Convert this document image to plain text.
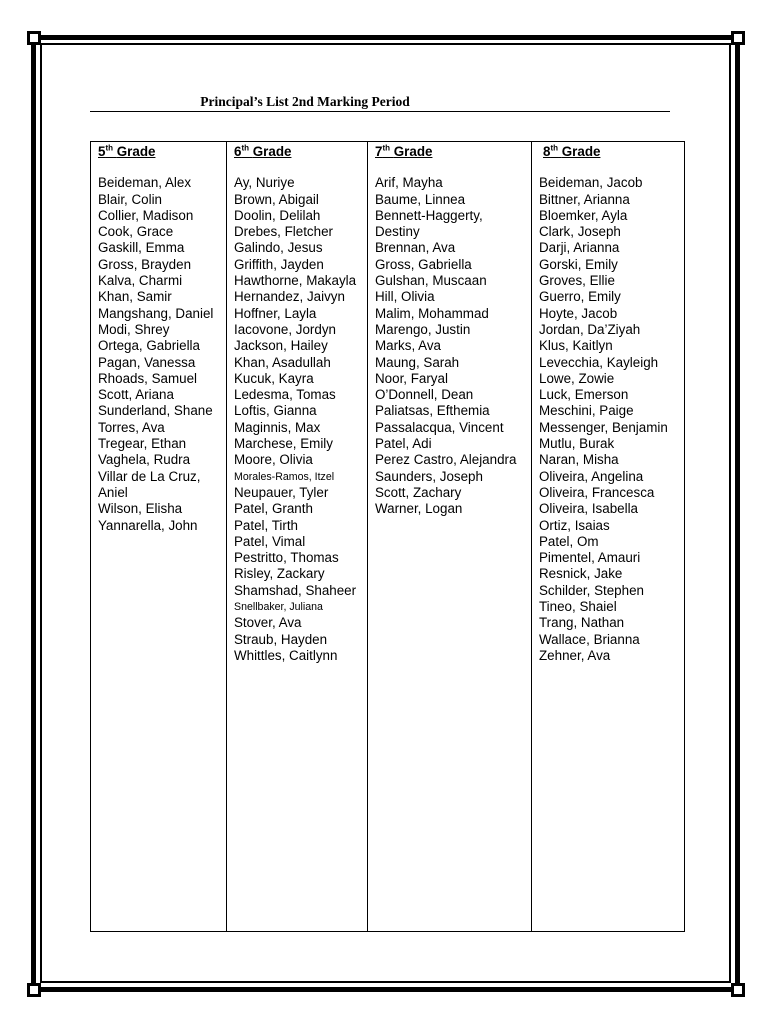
Principal’s List 2nd Marking Period
5th Grade
Beideman, Alex
Blair, Colin
Collier, Madison
Cook, Grace
Gaskill, Emma
Gross, Brayden
Kalva, Charmi
Khan, Samir
Mangshang, Daniel
Modi, Shrey
Ortega, Gabriella
Pagan, Vanessa
Rhoads, Samuel
Scott, Ariana
Sunderland, Shane
Torres, Ava
Tregear, Ethan
Vaghela, Rudra
Villar de La Cruz,
Aniel
Wilson, Elisha
Yannarella, John
6th Grade
Ay, Nuriye
Brown, Abigail
Doolin, Delilah
Drebes, Fletcher
Galindo, Jesus
Griffith, Jayden
Hawthorne, Makayla
Hernandez, Jaivyn
Hoffner, Layla
Iacovone, Jordyn
Jackson, Hailey
Khan, Asadullah
Kucuk, Kayra
Ledesma, Tomas
Loftis, Gianna
Maginnis, Max
Marchese, Emily
Moore, Olivia
Morales-Ramos, Itzel
Neupauer, Tyler
Patel, Granth
Patel, Tirth
Patel, Vimal
Pestritto, Thomas
Risley, Zackary
Shamshad, Shaheer
Snellbaker, Juliana
Stover, Ava
Straub, Hayden
Whittles, Caitlynn
7th Grade
Arif, Mayha
Baume, Linnea
Bennett-Haggerty,
Destiny
Brennan, Ava
Gross, Gabriella
Gulshan, Muscaan
Hill, Olivia
Malim, Mohammad
Marengo, Justin
Marks, Ava
Maung, Sarah
Noor, Faryal
O’Donnell, Dean
Paliatsas, Efthemia
Passalacqua, Vincent
Patel, Adi
Perez Castro, Alejandra
Saunders, Joseph
Scott, Zachary
Warner, Logan
8th Grade
Beideman, Jacob
Bittner, Arianna
Bloemker, Ayla
Clark, Joseph
Darji, Arianna
Gorski, Emily
Groves, Ellie
Guerro, Emily
Hoyte, Jacob
Jordan, Da’Ziyah
Klus, Kaitlyn
Levecchia, Kayleigh
Lowe, Zowie
Luck, Emerson
Meschini, Paige
Messenger, Benjamin
Mutlu, Burak
Naran, Misha
Oliveira, Angelina
Oliveira, Francesca
Oliveira, Isabella
Ortiz, Isaias
Patel, Om
Pimentel, Amauri
Resnick, Jake
Schilder, Stephen
Tineo, Shaiel
Trang, Nathan
Wallace, Brianna
Zehner, Ava
